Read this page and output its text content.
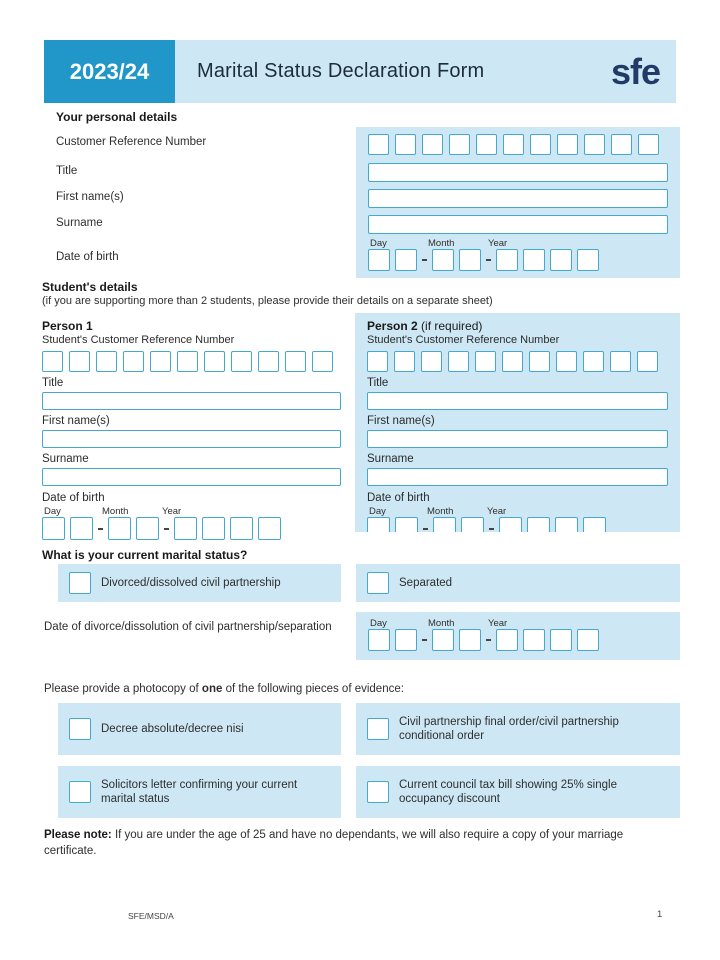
2023/24	Marital Status Declaration Form	sfe
Your personal details
Customer Reference Number
Title
First name(s)
Surname
Date of birth
Day	Month	Year
Student's details
(if you are supporting more than 2 students, please provide their details on a separate sheet)
Person 1
Student's Customer Reference Number
Title
First name(s)
Surname
Date of birth
Day	Month	Year
Person 2 (if required)
Student's Customer Reference Number
Title
First name(s)
Surname
Date of birth
Day	Month	Year
What is your current marital status?
Divorced/dissolved civil partnership	Separated
Date of divorce/​dissolution of civil partnership/​separation	Day	Month	Year
Please provide a photocopy of one of the following pieces of evidence:
Decree absolute/decree nisi
Civil partnership final order/civil partnership conditional order
Solicitors letter confirming your current marital status
Current council tax bill showing 25% single occupancy discount
Please note: If you are under the age of 25 and have no dependants, we will also require a copy of your marriage certificate.
SFE/MSD/A	1
